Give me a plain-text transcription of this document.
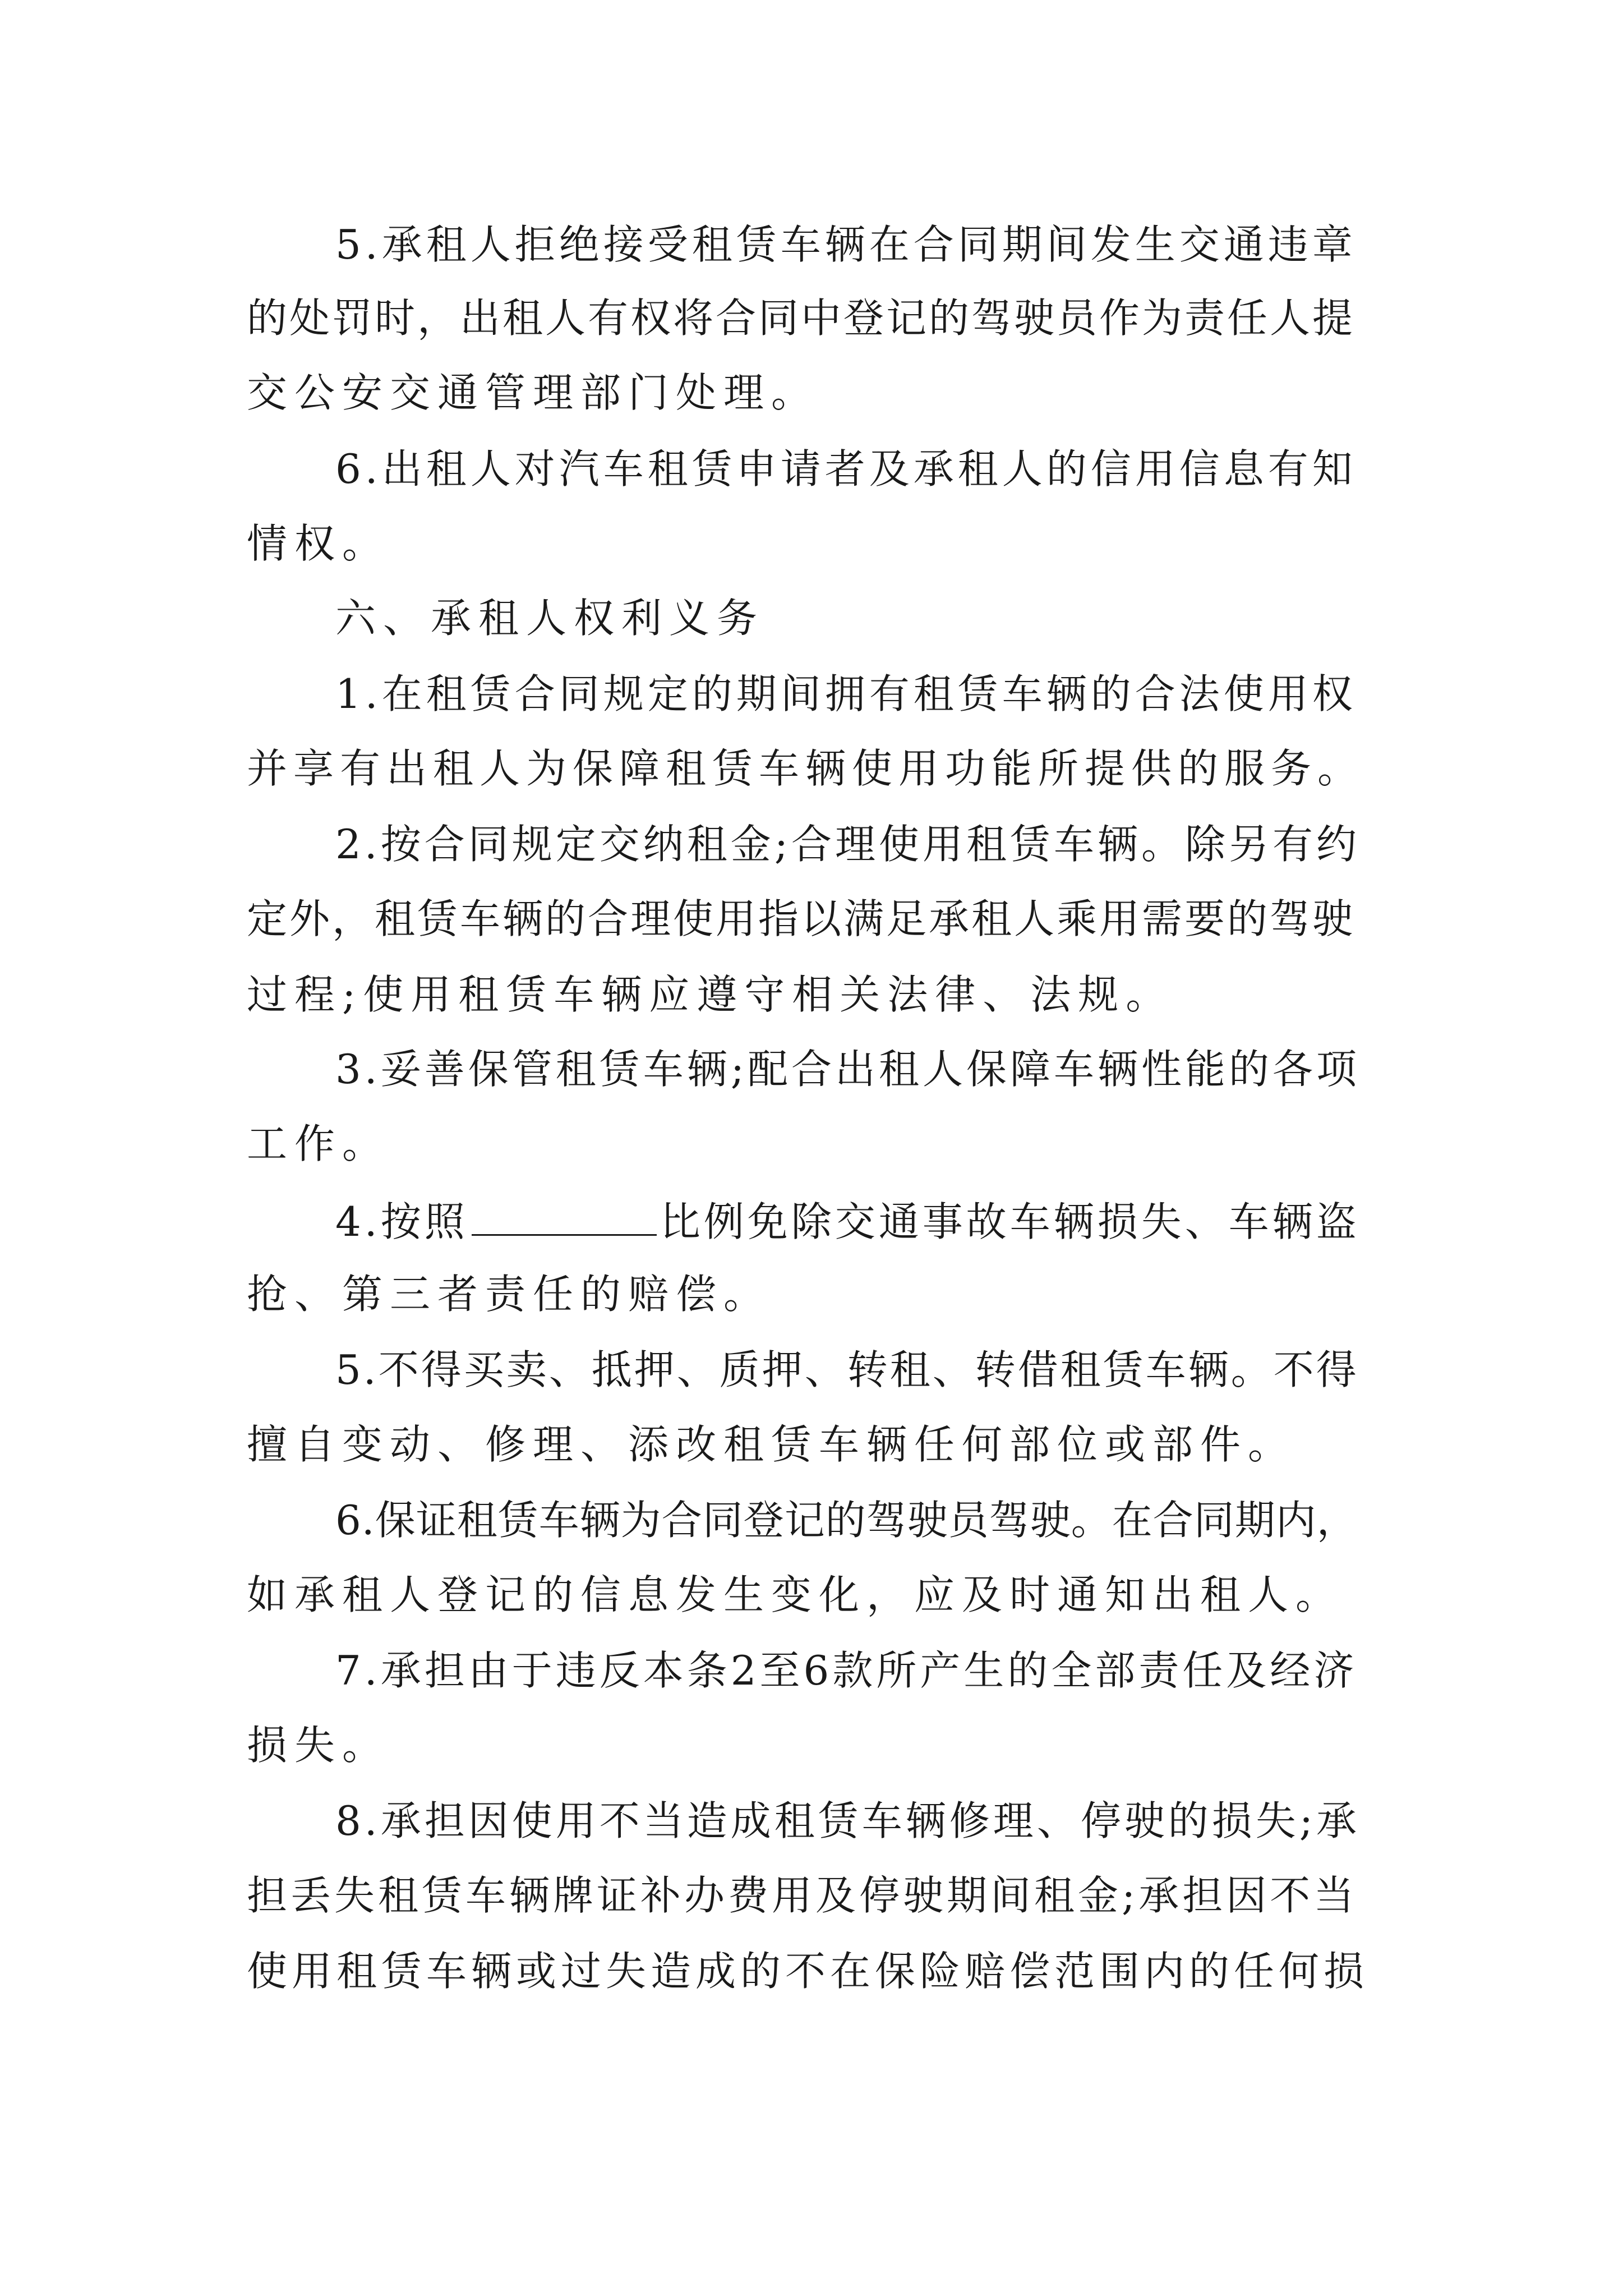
5.承租人拒绝接受租赁车辆在合同期间发生交通违章
的处罚时，出租人有权将合同中登记的驾驶员作为责任人提
交公安交通管理部门处理。
6.出租人对汽车租赁申请者及承租人的信用信息有知
情权。
六、承租人权利义务
1.在租赁合同规定的期间拥有租赁车辆的合法使用权
并享有出租人为保障租赁车辆使用功能所提供的服务。
2.按合同规定交纳租金;合理使用租赁车辆。除另有约
定外，租赁车辆的合理使用指以满足承租人乘用需要的驾驶
过程;使用租赁车辆应遵守相关法律、法规。
3.妥善保管租赁车辆;配合出租人保障车辆性能的各项
工作。
4.按照	比例免除交通事故车辆损失、车辆盗
抢、第三者责任的赔偿。
5.不得买卖、抵押、质押、转租、转借租赁车辆。不得
擅自变动、修理、添改租赁车辆任何部位或部件。
6.保证租赁车辆为合同登记的驾驶员驾驶。在合同期内，
如承租人登记的信息发生变化，应及时通知出租人。
7.承担由于违反本条2至6款所产生的全部责任及经济
损失。
8.承担因使用不当造成租赁车辆修理、停驶的损失;承
担丢失租赁车辆牌证补办费用及停驶期间租金;承担因不当
使用租赁车辆或过失造成的不在保险赔偿范围内的任何损
